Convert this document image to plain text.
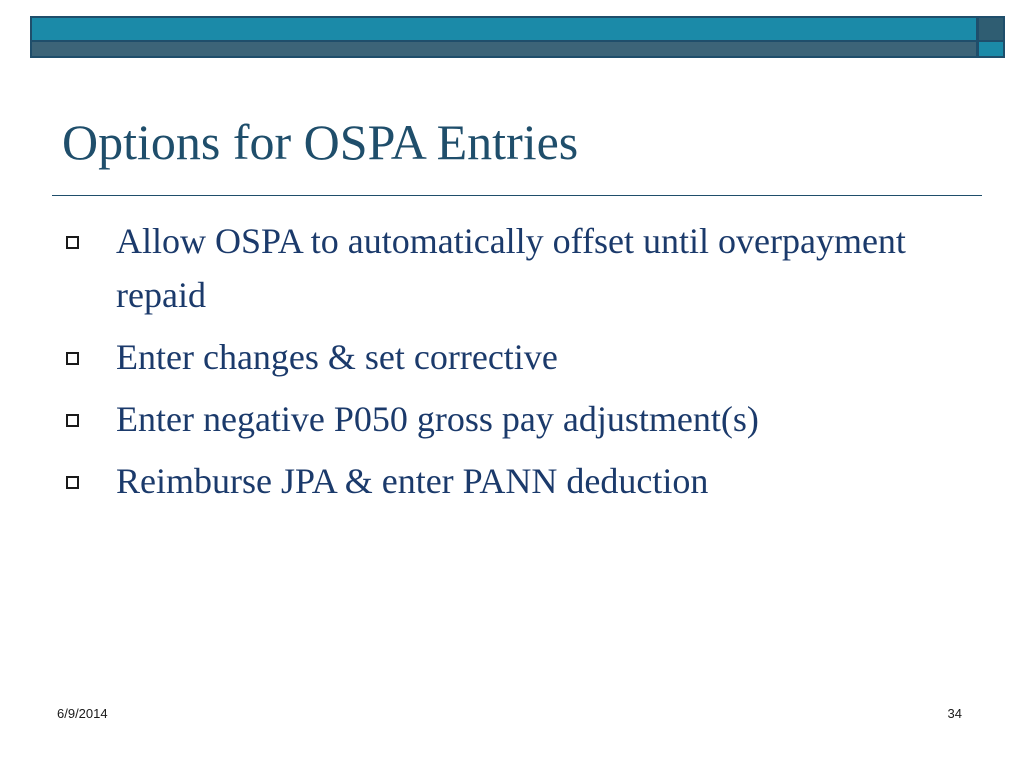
Options for OSPA Entries
Allow OSPA to automatically offset until overpayment repaid
Enter changes & set corrective
Enter negative P050 gross pay adjustment(s)
Reimburse JPA & enter PANN deduction
6/9/2014	34
